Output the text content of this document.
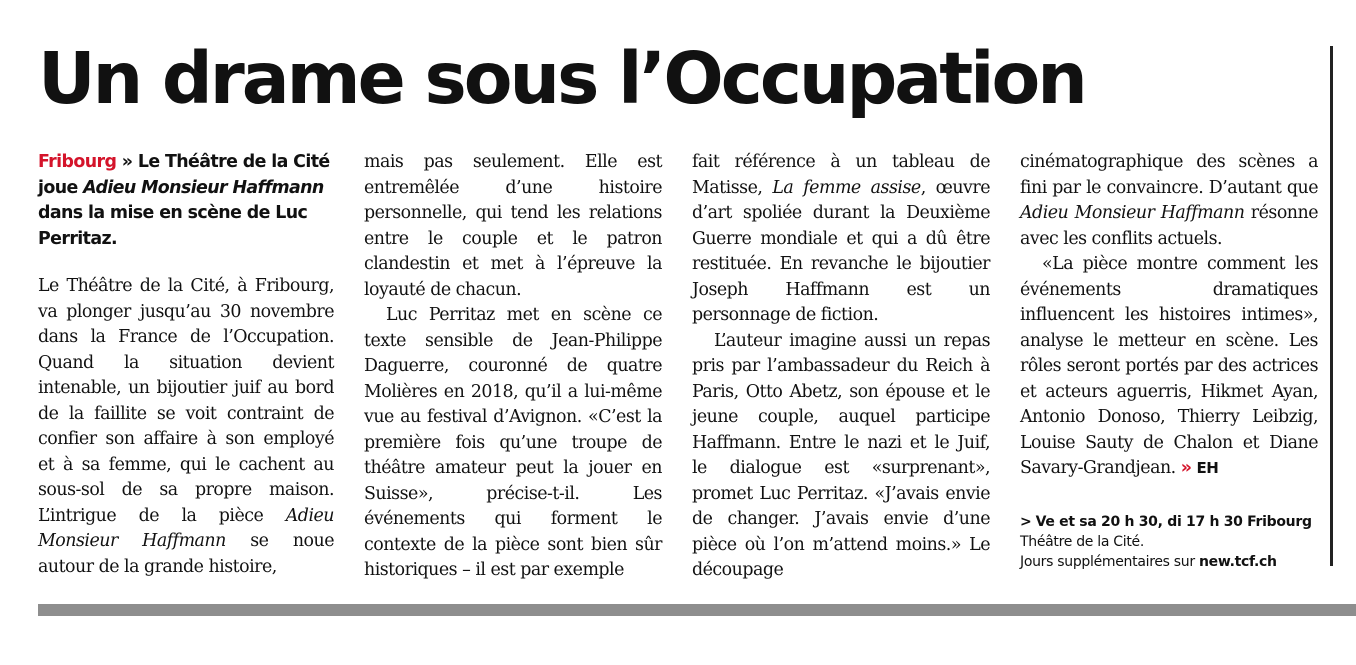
Un drame sous l’Occupation

Fribourg » Le Théâtre de la Cité joue Adieu Monsieur Haffmann dans la mise en scène de Luc Perritaz.

Le Théâtre de la Cité, à Fribourg, va plonger jusqu’au 30 novembre dans la France de l’Occupation. Quand la situation devient intenable, un bijoutier juif au bord de la faillite se voit contraint de confier son affaire à son employé et à sa femme, qui le cachent au sous-sol de sa propre maison. L’intrigue de la pièce Adieu Monsieur Haffmann se noue autour de la grande histoire,

mais pas seulement. Elle est entremêlée d’une histoire personnelle, qui tend les relations entre le couple et le patron clandestin et met à l’épreuve la loyauté de chacun.

Luc Perritaz met en scène ce texte sensible de Jean-Philippe Daguerre, couronné de quatre Molières en 2018, qu’il a lui-même vue au festival d’Avignon. «C’est la première fois qu’une troupe de théâtre amateur peut la jouer en Suisse», précise-t-il. Les événements qui forment le contexte de la pièce sont bien sûr historiques – il est par exemple

fait référence à un tableau de Matisse, La femme assise, œuvre d’art spoliée durant la Deuxième Guerre mondiale et qui a dû être restituée. En revanche le bijoutier Joseph Haffmann est un personnage de fiction.

L’auteur imagine aussi un repas pris par l’ambassadeur du Reich à Paris, Otto Abetz, son épouse et le jeune couple, auquel participe Haffmann. Entre le nazi et le Juif, le dialogue est «surprenant», promet Luc Perritaz. «J’avais envie de changer. J’avais envie d’une pièce où l’on m’attend moins.» Le découpage

cinématographique des scènes a fini par le convaincre. D’autant que Adieu Monsieur Haffmann résonne avec les conflits actuels.

«La pièce montre comment les événements dramatiques influencent les histoires intimes», analyse le metteur en scène. Les rôles seront portés par des actrices et acteurs aguerris, Hikmet Ayan, Antonio Donoso, Thierry Leibzig, Louise Sauty de Chalon et Diane Savary-Grandjean. » EH

> Ve et sa 20 h 30, di 17 h 30 Fribourg
Théâtre de la Cité.
Jours supplémentaires sur new.tcf.ch
